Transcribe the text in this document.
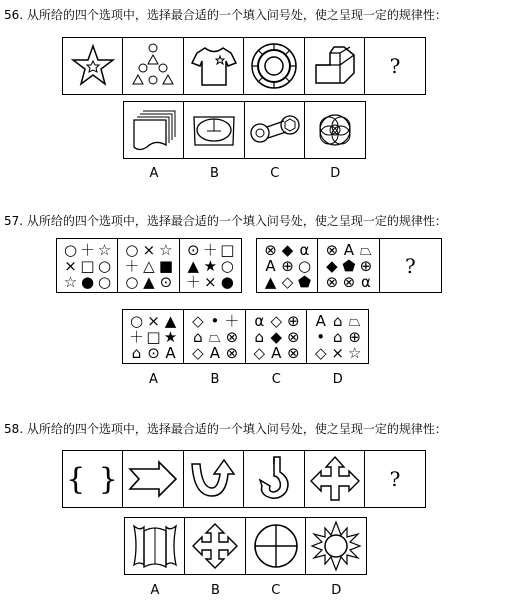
56. 从所给的四个选项中，选择最合适的一个填入问号处，使之呈现一定的规律性：
?
A	B	C	D
57. 从所给的四个选项中，选择最合适的一个填入问号处，使之呈现一定的规律性：
○ ＋ ☆
× □ ○
☆ ● ○
○ × ☆
＋ △ ■
○ ▲ ⊙
⊙ ＋ □
▲ ★ ○
＋ × ●
⊗ ◆ α
A ⊕ ○
▲ ◇ ⬟
⊗ A ⏢
◆ ⬟ ⊕
⊗ ⊗ α
?
○ × ▲
＋ □ ★
⌂ ⊙ A
◇ • ＋
⌂ ⏢ ⊗
◇ A ⊗
α ◇ ⊕
⌂ ◆ ⊗
◇ A ⊗
A ⌂ ⏢
• ⌂ ⊕
◇ × ☆
A	B	C	D
58. 从所给的四个选项中，选择最合适的一个填入问号处，使之呈现一定的规律性：
{ }	?
A	B	C	D
